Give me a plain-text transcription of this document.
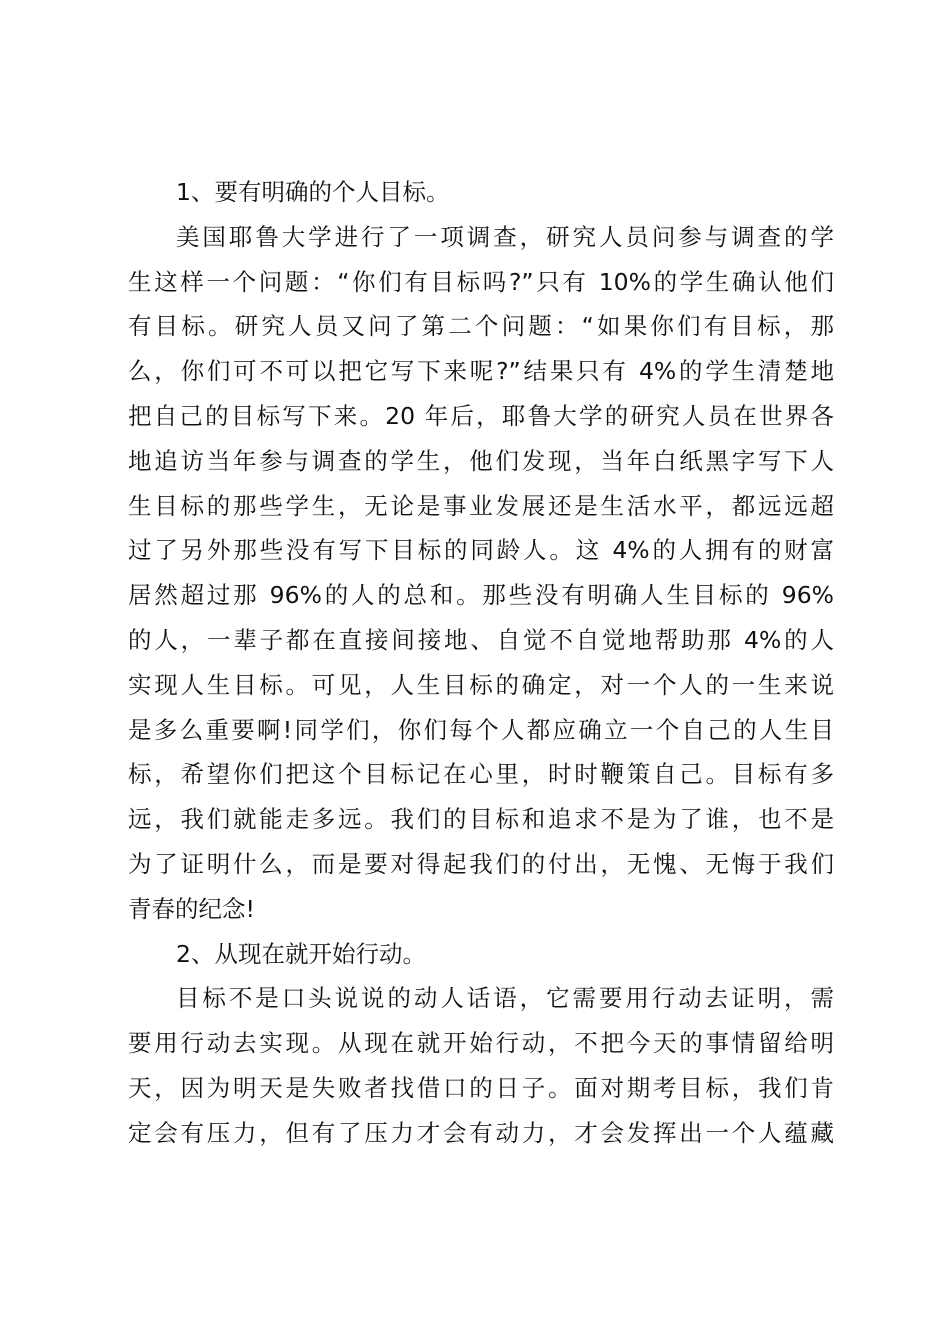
1、要有明确的个人目标。
美国耶鲁大学进行了一项调查，研究人员问参与调查的学
生这样一个问题：“你们有目标吗?”只有 10%的学生确认他们
有目标。研究人员又问了第二个问题：“如果你们有目标，那
么，你们可不可以把它写下来呢?”结果只有 4%的学生清楚地
把自己的目标写下来。20 年后，耶鲁大学的研究人员在世界各
地追访当年参与调查的学生，他们发现，当年白纸黑字写下人
生目标的那些学生，无论是事业发展还是生活水平，都远远超
过了另外那些没有写下目标的同龄人。这 4%的人拥有的财富
居然超过那 96%的人的总和。那些没有明确人生目标的 96%
的人，一辈子都在直接间接地、自觉不自觉地帮助那 4%的人
实现人生目标。可见，人生目标的确定，对一个人的一生来说
是多么重要啊!同学们，你们每个人都应确立一个自己的人生目
标，希望你们把这个目标记在心里，时时鞭策自己。目标有多
远，我们就能走多远。我们的目标和追求不是为了谁，也不是
为了证明什么，而是要对得起我们的付出，无愧、无悔于我们
青春的纪念!
2、从现在就开始行动。
目标不是口头说说的动人话语，它需要用行动去证明，需
要用行动去实现。从现在就开始行动，不把今天的事情留给明
天，因为明天是失败者找借口的日子。面对期考目标，我们肯
定会有压力，但有了压力才会有动力，才会发挥出一个人蕴藏
